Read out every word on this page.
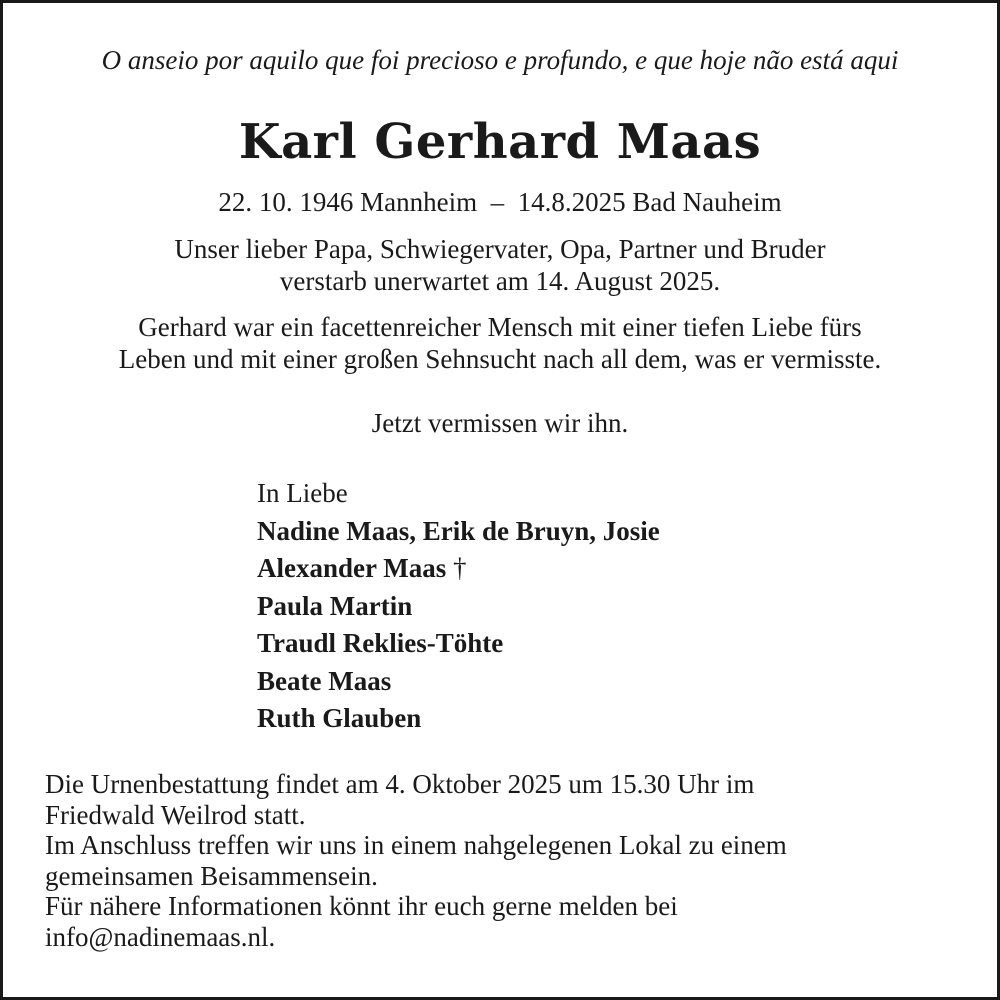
O anseio por aquilo que foi precioso e profundo, e que hoje não está aqui
Karl Gerhard Maas
22. 10. 1946 Mannheim  –  14.8.2025 Bad Nauheim
Unser lieber Papa, Schwiegervater, Opa, Partner und Bruder
verstarb unerwartet am 14. August 2025.
Gerhard war ein facettenreicher Mensch mit einer tiefen Liebe fürs
Leben und mit einer großen Sehnsucht nach all dem, was er vermisste.
Jetzt vermissen wir ihn.
In Liebe
Nadine Maas, Erik de Bruyn, Josie
Alexander Maas †
Paula Martin
Traudl Reklies-Töhte
Beate Maas
Ruth Glauben
Die Urnenbestattung findet am 4. Oktober 2025 um 15.30 Uhr im
Friedwald Weilrod statt.
Im Anschluss treffen wir uns in einem nahgelegenen Lokal zu einem
gemeinsamen Beisammensein.
Für nähere Informationen könnt ihr euch gerne melden bei
info@nadinemaas.nl.
